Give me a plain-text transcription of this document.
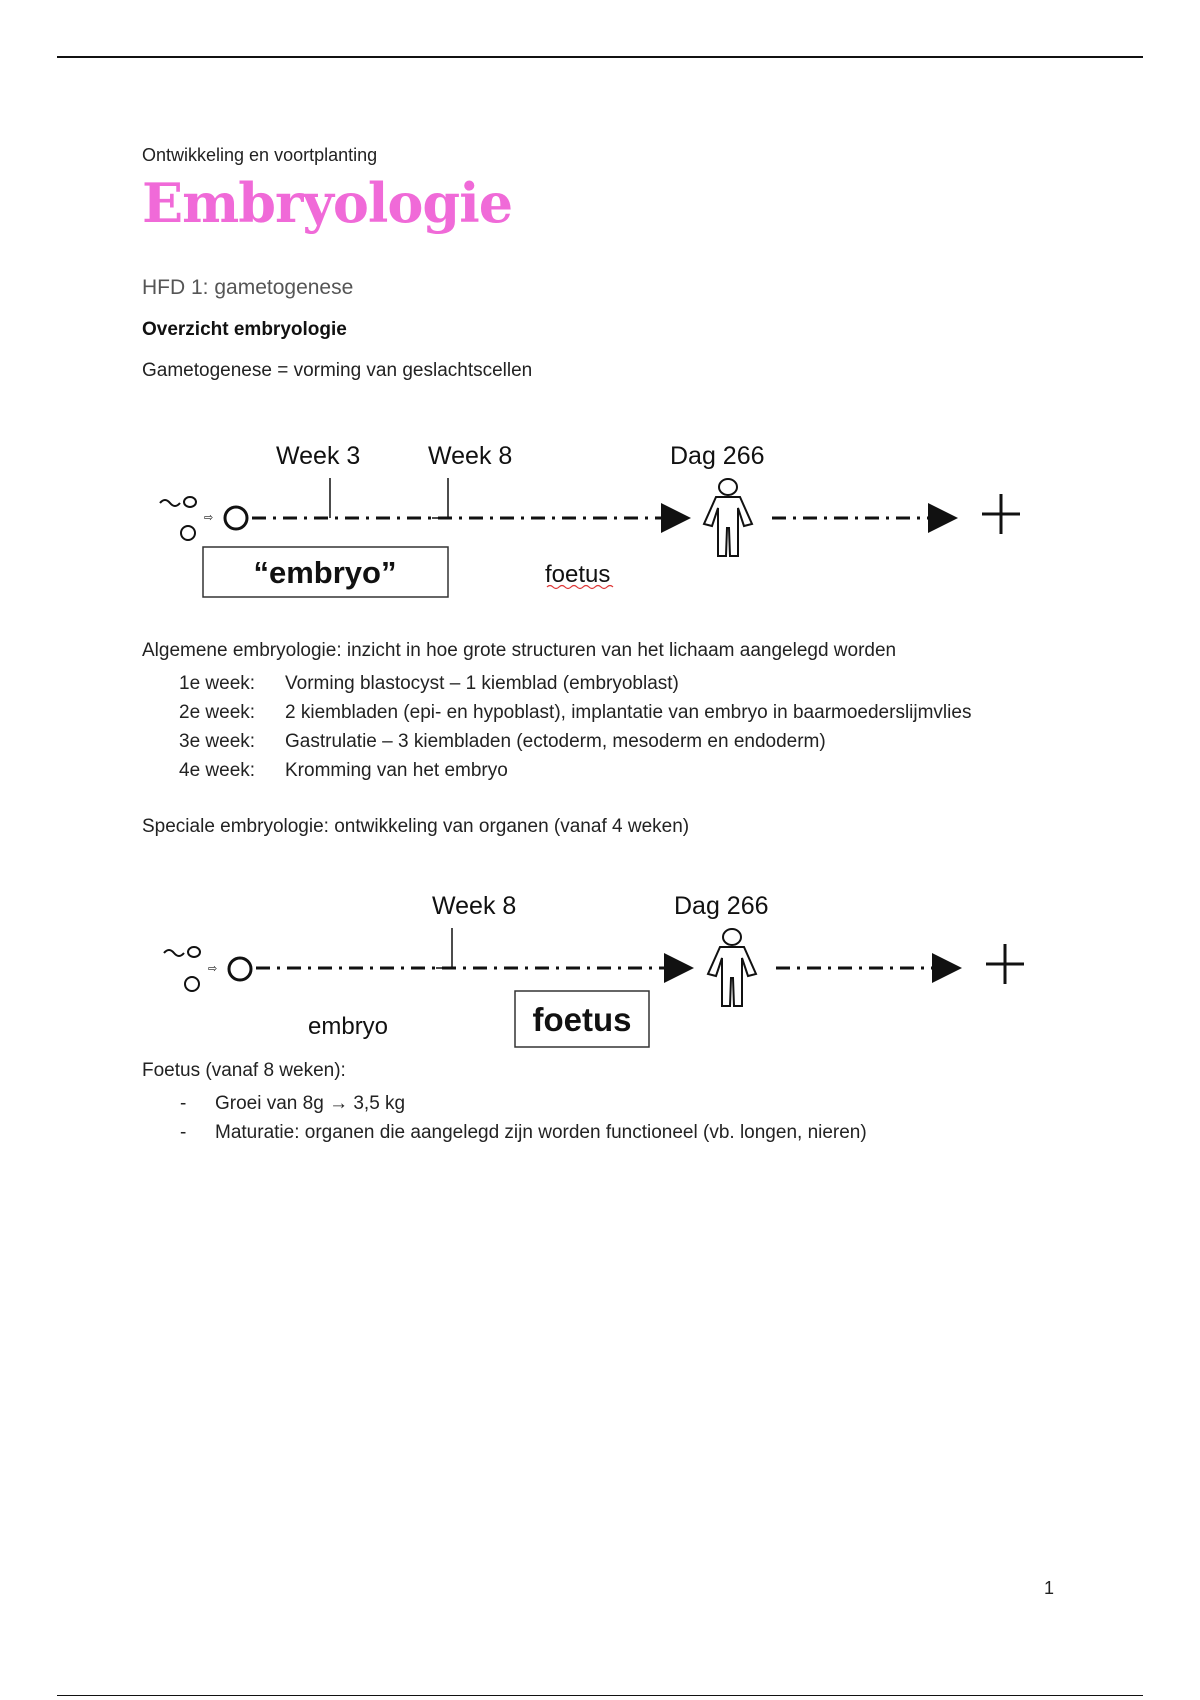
Ontwikkeling en voortplanting
Embryologie
HFD 1: gametogenese
Overzicht embryologie
Gametogenese = vorming van geslachtscellen
⇨
Week 3	Week 8	Dag 266
“embryo”	foetus
Algemene embryologie: inzicht in hoe grote structuren van het lichaam aangelegd worden
1e week: Vorming blastocyst – 1 kiemblad (embryoblast)
2e week: 2 kiembladen (epi- en hypoblast), implantatie van embryo in baarmoederslijmvlies
3e week: Gastrulatie – 3 kiembladen (ectoderm, mesoderm en endoderm)
4e week: Kromming van het embryo
Speciale embryologie: ontwikkeling van organen (vanaf 4 weken)
⇨
Week 8	Dag 266
embryo	foetus
Foetus (vanaf 8 weken):
- Groei van 8g → 3,5 kg
- Maturatie: organen die aangelegd zijn worden functioneel (vb. longen, nieren)
1
